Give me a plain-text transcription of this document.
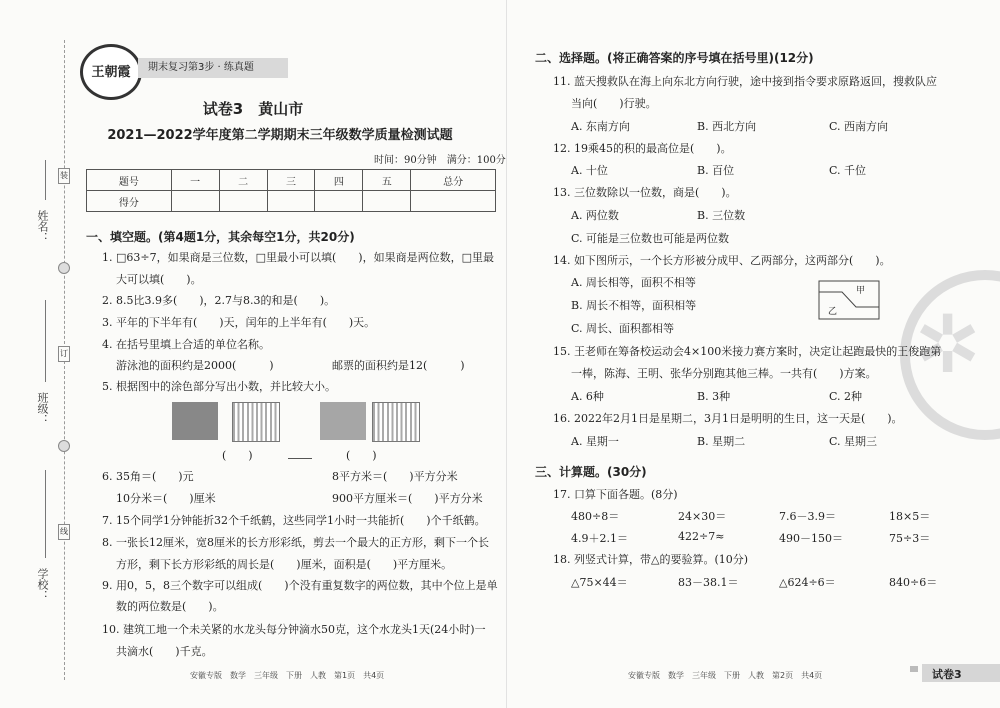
姓名：
班级：
学校：
装
订
线
王朝霞	期末复习第3步 · 练真题
试卷3　黄山市
2021—2022学年度第二学期期末三年级数学质量检测试题
时间：90分钟　满分：100分
题号	一	二	三	四	五	总分
得分						
一、填空题。(第4题1分，其余每空1分，共20分)
1. □63÷7，如果商是三位数，□里最小可以填(　　)，如果商是两位数，□里最
大可以填(　　)。
2. 8.5比3.9多(　　)，2.7与8.3的和是(　　)。
3. 平年的下半年有(　　)天，闰年的上半年有(　　)天。
4. 在括号里填上合适的单位名称。
游泳池的面积约是2000(　　　)	邮票的面积约是12(　　　)
5. 根据图中的涂色部分写出小数，并比较大小。
(　　)	(　　)
6. 35角＝(　　)元	8平方米＝(　　)平方分米
10分米＝(　　)厘米	900平方厘米＝(　　)平方分米
7. 15个同学1分钟能折32个千纸鹤，这些同学1小时一共能折(　　)个千纸鹤。
8. 一张长12厘米，宽8厘米的长方形彩纸，剪去一个最大的正方形，剩下一个长
方形，剩下长方形彩纸的周长是(　　)厘米，面积是(　　)平方厘米。
9. 用0，5，8三个数字可以组成(　　)个没有重复数字的两位数，其中个位上是单
数的两位数是(　　)。
10. 建筑工地一个未关紧的水龙头每分钟滴水50克，这个水龙头1天(24小时)一
共滴水(　　)千克。
安徽专版　数学　三年级　下册　人教　第1页　共4页
✲
二、选择题。(将正确答案的序号填在括号里)(12分)
11. 蓝天搜救队在海上向东北方向行驶，途中接到指令要求原路返回，搜救队应
当向(　　)行驶。
A. 东南方向	B. 西北方向	C. 西南方向
12. 19乘45的积的最高位是(　　)。
A. 十位	B. 百位	C. 千位
13. 三位数除以一位数，商是(　　)。
A. 两位数	B. 三位数
C. 可能是三位数也可能是两位数
14. 如下图所示，一个长方形被分成甲、乙两部分，这两部分(　　)。
A. 周长相等，面积不相等
B. 周长不相等，面积相等
C. 周长、面积都相等
甲
乙
15. 王老师在筹备校运动会4×100米接力赛方案时，决定让起跑最快的王俊跑第
一棒，陈海、王明、张华分别跑其他三棒。一共有(　　)方案。
A. 6种	B. 3种	C. 2种
16. 2022年2月1日是星期二，3月1日是明明的生日，这一天是(　　)。
A. 星期一	B. 星期二	C. 星期三
三、计算题。(30分)
17. 口算下面各题。(8分)
480÷8＝	24×30＝	7.6－3.9＝	18×5＝
4.9＋2.1＝	422÷7≈	490－150＝	75÷3＝
18. 列竖式计算，带△的要验算。(10分)
△75×44＝	83－38.1＝	△624÷6＝	840÷6＝
安徽专版　数学　三年级　下册　人教　第2页　共4页	试卷3
